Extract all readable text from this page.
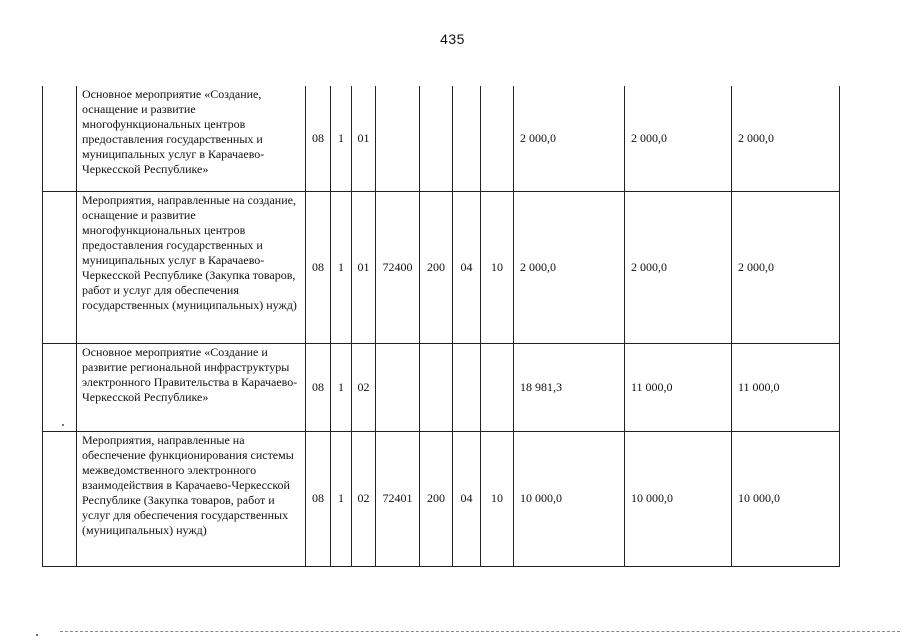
435
	Основное мероприятие «Создание, оснащение и развитие многофункциональных центров предоставления государственных и муниципальных услуг в Карачаево-Черкесской Республике»	08	1	01					2 000,0	2 000,0	2 000,0
	Мероприятия, направленные на создание, оснащение и развитие многофункциональных центров предоставления государственных и муниципальных услуг в Карачаево-Черкесской Республике (Закупка товаров, работ и услуг для обеспечения государственных (муниципальных) нужд)	08	1	01	72400	200	04	10	2 000,0	2 000,0	2 000,0
	Основное мероприятие «Создание и развитие региональной инфраструктуры электронного Правительства в Карачаево-Черкесской Республике»	08	1	02					18 981,3	11 000,0	11 000,0
	Мероприятия, направленные на обеспечение функционирования системы межведомственного электронного взаимодействия в Карачаево-Черкесской Республике (Закупка товаров, работ и услуг для обеспечения государственных (муниципальных) нужд)	08	1	02	72401	200	04	10	10 000,0	10 000,0	10 000,0
